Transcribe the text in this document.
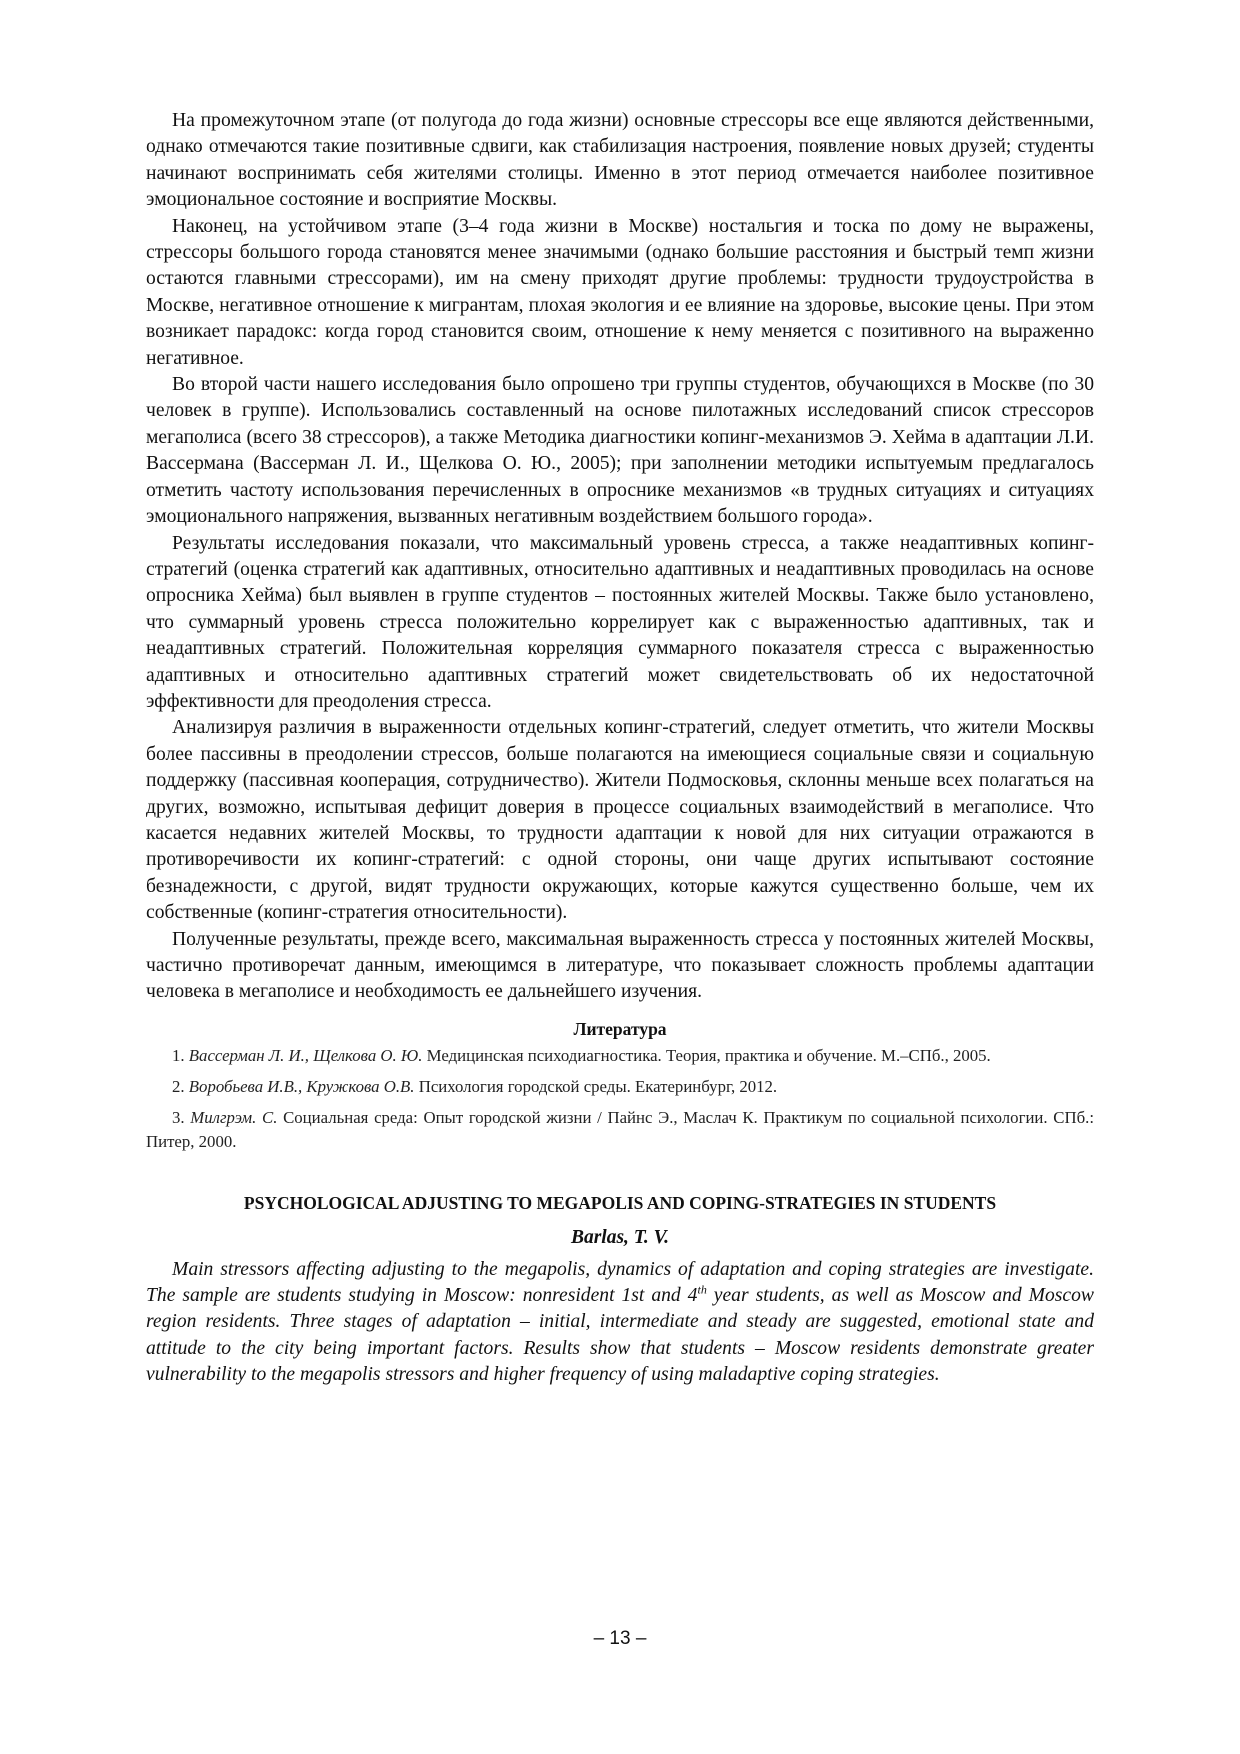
На промежуточном этапе (от полугода до года жизни) основные стрессоры все еще являются действенными, однако отмечаются такие позитивные сдвиги, как стабилизация настроения, появление новых друзей; студенты начинают воспринимать себя жителями столицы. Именно в этот период отмечается наиболее позитивное эмоциональное состояние и восприятие Москвы.

Наконец, на устойчивом этапе (3–4 года жизни в Москве) ностальгия и тоска по дому не выражены, стрессоры большого города становятся менее значимыми (однако большие расстояния и быстрый темп жизни остаются главными стрессорами), им на смену приходят другие проблемы: трудности трудоустройства в Москве, негативное отношение к мигрантам, плохая экология и ее влияние на здоровье, высокие цены. При этом возникает парадокс: когда город становится своим, отношение к нему меняется с позитивного на выраженно негативное.

Во второй части нашего исследования было опрошено три группы студентов, обучающихся в Москве (по 30 человек в группе). Использовались составленный на основе пилотажных исследований список стрессоров мегаполиса (всего 38 стрессоров), а также Методика диагностики копинг-механизмов Э. Хейма в адаптации Л.И. Вассермана (Вассерман Л. И., Щелкова О. Ю., 2005); при заполнении методики испытуемым предлагалось отметить частоту использования перечисленных в опроснике механизмов «в трудных ситуациях и ситуациях эмоционального напряжения, вызванных негативным воздействием большого города».

Результаты исследования показали, что максимальный уровень стресса, а также неадаптивных копинг-стратегий (оценка стратегий как адаптивных, относительно адаптивных и неадаптивных проводилась на основе опросника Хейма) был выявлен в группе студентов – постоянных жителей Москвы. Также было установлено, что суммарный уровень стресса положительно коррелирует как с выраженностью адаптивных, так и неадаптивных стратегий. Положительная корреляция суммарного показателя стресса с выраженностью адаптивных и относительно адаптивных стратегий может свидетельствовать об их недостаточной эффективности для преодоления стресса.

Анализируя различия в выраженности отдельных копинг-стратегий, следует отметить, что жители Москвы более пассивны в преодолении стрессов, больше полагаются на имеющиеся социальные связи и социальную поддержку (пассивная кооперация, сотрудничество). Жители Подмосковья, склонны меньше всех полагаться на других, возможно, испытывая дефицит доверия в процессе социальных взаимодействий в мегаполисе. Что касается недавних жителей Москвы, то трудности адаптации к новой для них ситуации отражаются в противоречивости их копинг-стратегий: с одной стороны, они чаще других испытывают состояние безнадежности, с другой, видят трудности окружающих, которые кажутся существенно больше, чем их собственные (копинг-стратегия относительности).

Полученные результаты, прежде всего, максимальная выраженность стресса у постоянных жителей Москвы, частично противоречат данным, имеющимся в литературе, что показывает сложность проблемы адаптации человека в мегаполисе и необходимость ее дальнейшего изучения.

Литература

1. Вассерман Л. И., Щелкова О. Ю. Медицинская психодиагностика. Теория, практика и обучение. М.–СПб., 2005.

2. Воробьева И.В., Кружкова О.В. Психология городской среды. Екатеринбург, 2012.

3. Милгрэм. С. Социальная среда: Опыт городской жизни / Пайнс Э., Маслач К. Практикум по социальной психологии. СПб.: Питер, 2000.

PSYCHOLOGICAL ADJUSTING TO MEGAPOLIS AND COPING-STRATEGIES IN STUDENTS
Barlas, T. V.

Main stressors affecting adjusting to the megapolis, dynamics of adaptation and coping strategies are investigate. The sample are students studying in Moscow: nonresident 1st and 4th year students, as well as Moscow and Moscow region residents. Three stages of adaptation – initial, intermediate and steady are suggested, emotional state and attitude to the city being important factors. Results show that students – Moscow residents demonstrate greater vulnerability to the megapolis stressors and higher frequency of using maladaptive coping strategies.

– 13 –
